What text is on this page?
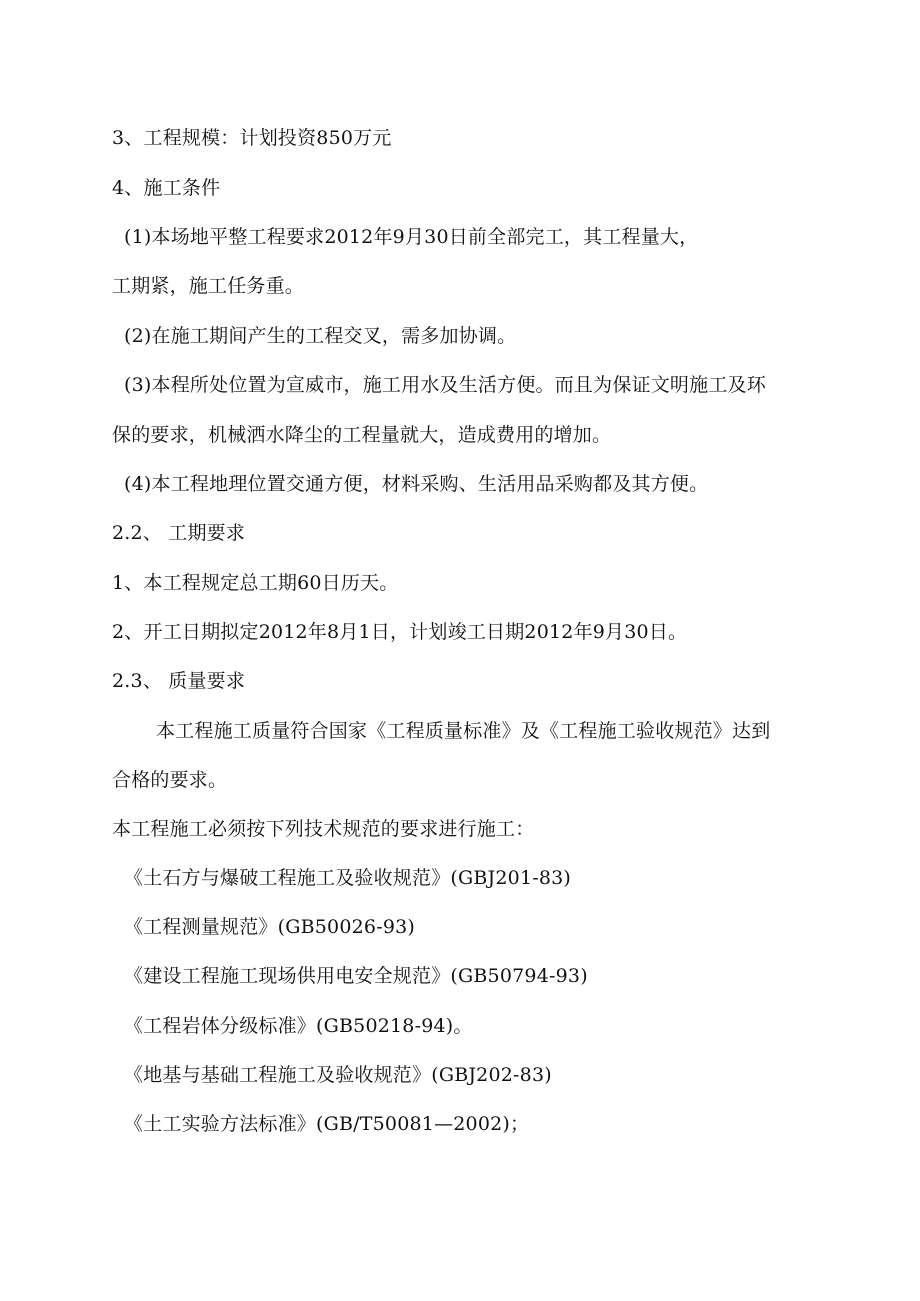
3、工程规模：计划投资850万元
4、施工条件
(1)本场地平整工程要求2012年9月30日前全部完工，其工程量大，
工期紧，施工任务重。
(2)在施工期间产生的工程交叉，需多加协调。
(3)本程所处位置为宣威市，施工用水及生活方便。而且为保证文明施工及环
保的要求，机械洒水降尘的工程量就大，造成费用的增加。
(4)本工程地理位置交通方便，材料采购、生活用品采购都及其方便。
2.2、 工期要求
1、本工程规定总工期60日历天。
2、开工日期拟定2012年8月1日，计划竣工日期2012年9月30日。
2.3、 质量要求
本工程施工质量符合国家《工程质量标准》及《工程施工验收规范》达到
合格的要求。
本工程施工必须按下列技术规范的要求进行施工：
《土石方与爆破工程施工及验收规范》(GBJ201-83)
《工程测量规范》(GB50026-93)
《建设工程施工现场供用电安全规范》(GB50794-93)
《工程岩体分级标准》(GB50218-94)。
《地基与基础工程施工及验收规范》(GBJ202-83)
《土工实验方法标准》(GB/T50081—2002)；
